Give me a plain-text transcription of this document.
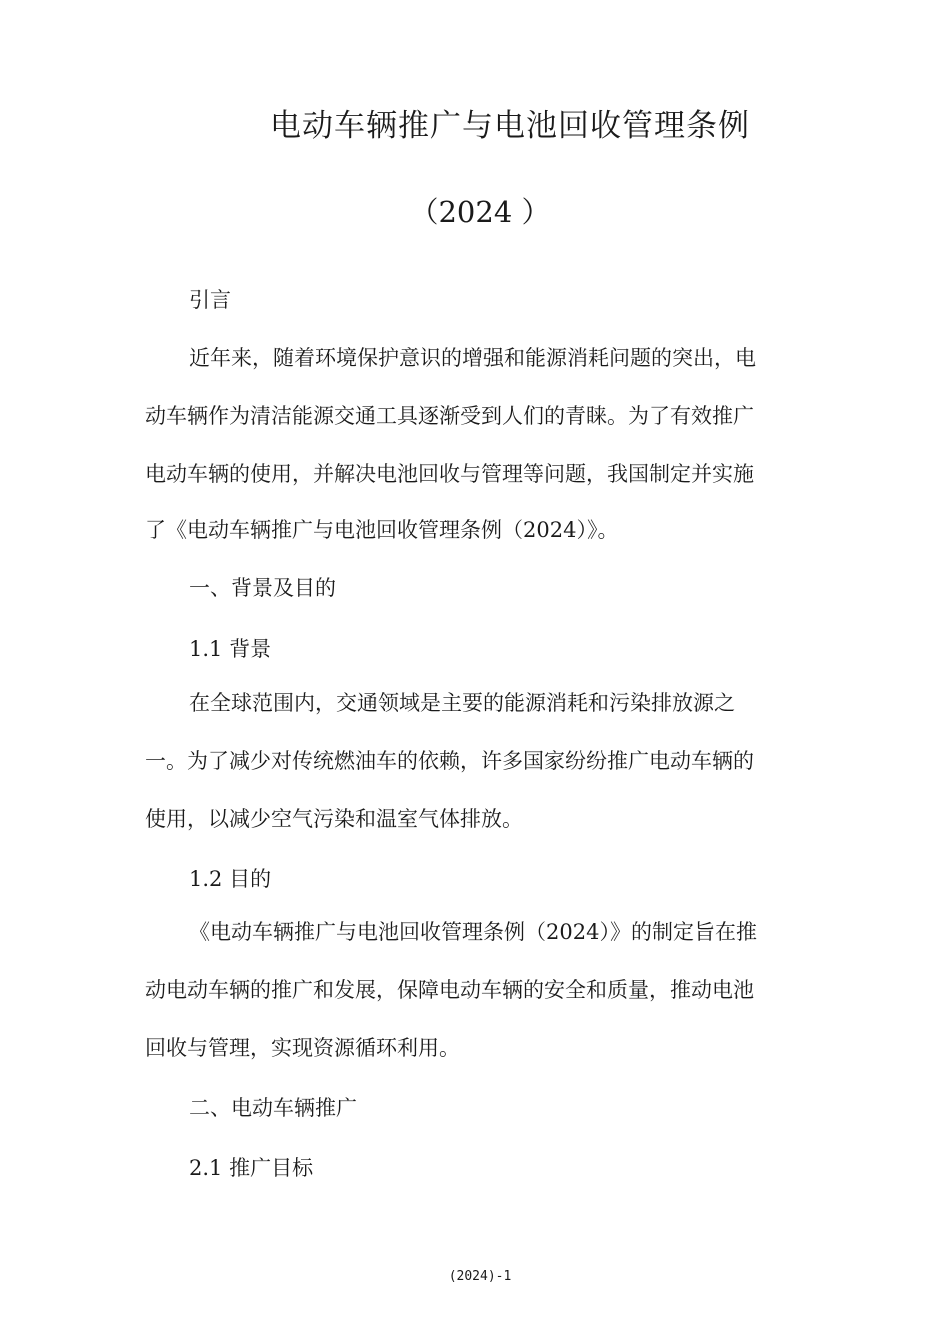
电动车辆推广与电池回收管理条例
（2024 ）
引言
近年来，随着环境保护意识的增强和能源消耗问题的突出，电
动车辆作为清洁能源交通工具逐渐受到人们的青睐。为了有效推广
电动车辆的使用，并解决电池回收与管理等问题，我国制定并实施
了《电动车辆推广与电池回收管理条例（2024）》。
一、背景及目的
1.1 背景
在全球范围内，交通领域是主要的能源消耗和污染排放源之
一。为了减少对传统燃油车的依赖，许多国家纷纷推广电动车辆的
使用，以减少空气污染和温室气体排放。
1.2 目的
《电动车辆推广与电池回收管理条例（2024）》的制定旨在推
动电动车辆的推广和发展，保障电动车辆的安全和质量，推动电池
回收与管理，实现资源循环利用。
二、电动车辆推广
2.1 推广目标
(2024)-1
